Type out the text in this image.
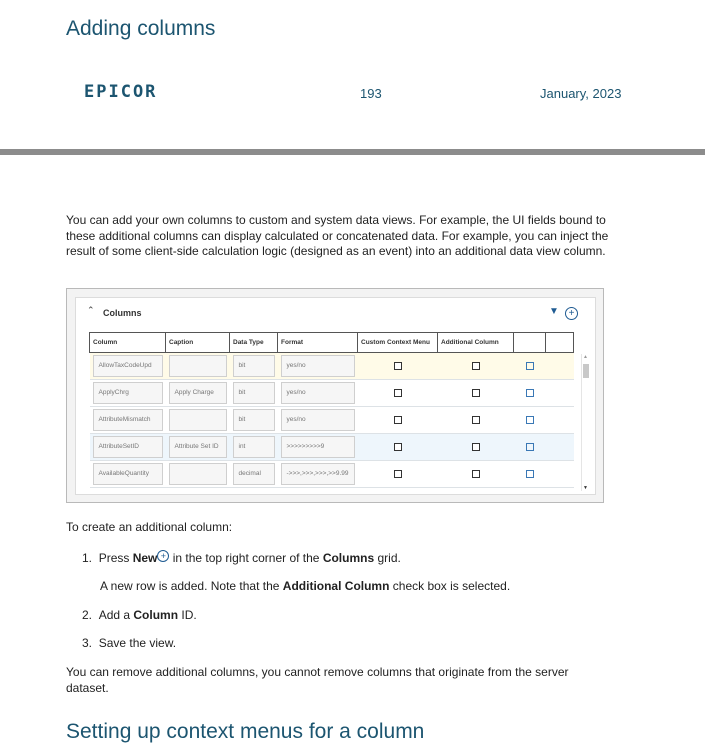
Adding columns
EPICOR	193	January, 2023

You can add your own columns to custom and system data views. For example, the UI fields bound to these additional columns can display calculated or concatenated data. For example, you can inject the result of some client-side calculation logic (designed as an event) into an additional data view column.

⌃ Columns	▼ +
Column	Caption	Data Type	Format	Custom Context Menu	Additional Column		

AllowTaxCodeUpd		bit	yes/no				

ApplyChrg	Apply Charge	bit	yes/no				

AttributeMismatch		bit	yes/no				

AttributeSetID	Attribute Set ID	int	>>>>>>>>>9				

AvailableQuantity		decimal	->>>,>>>,>>>,>>9.99				

▲
▼

To create an additional column:

1. Press New + in the top right corner of the Columns grid.
A new row is added. Note that the Additional Column check box is selected.
2. Add a Column ID.
3. Save the view.

You can remove additional columns, you cannot remove columns that originate from the server dataset.

Setting up context menus for a column
